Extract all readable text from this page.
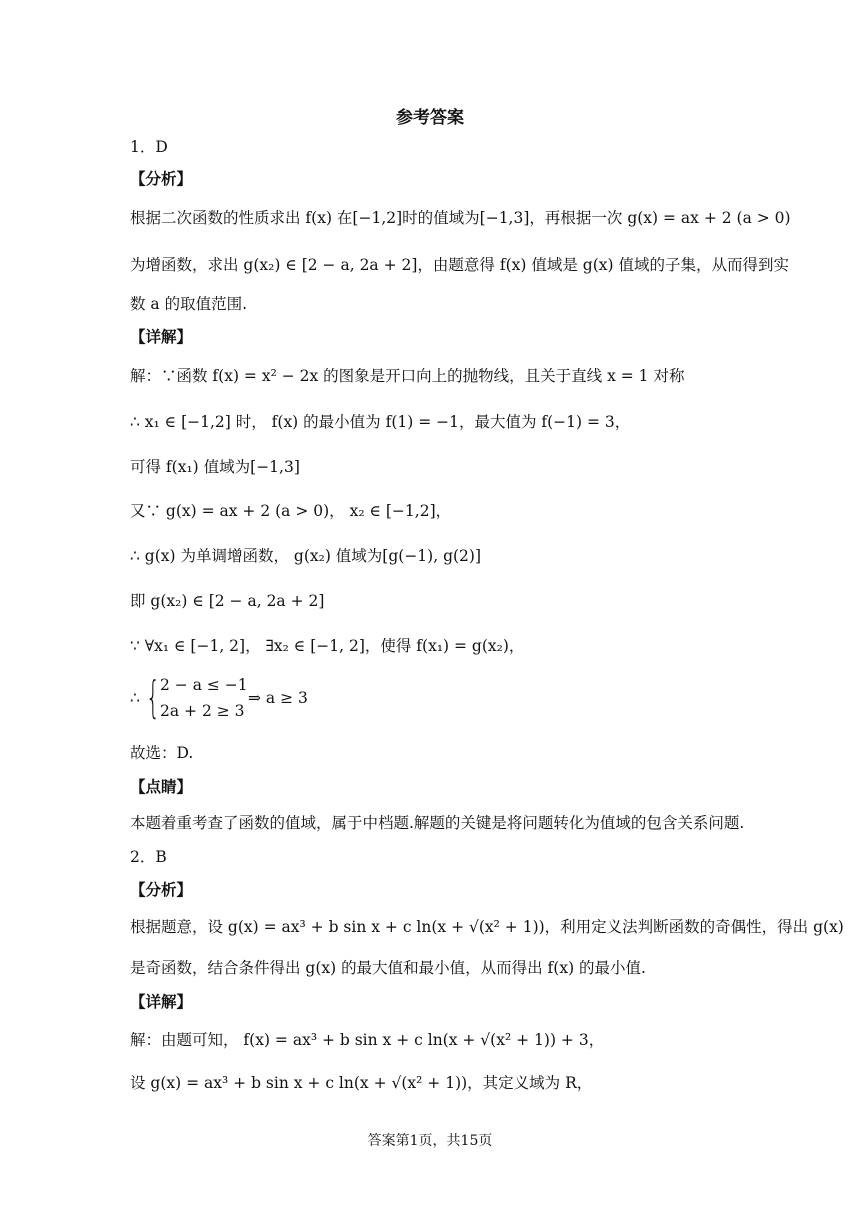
参考答案
1．D
【分析】
根据二次函数的性质求出 f(x) 在[−1,2]时的值域为[−1,3]，再根据一次 g(x) = ax + 2 (a > 0)
为增函数，求出 g(x₂) ∈ [2 − a, 2a + 2]，由题意得 f(x) 值域是 g(x) 值域的子集，从而得到实
数 a 的取值范围.
【详解】
解：∵函数 f(x) = x² − 2x 的图象是开口向上的抛物线，且关于直线 x = 1 对称
∴ x₁ ∈ [−1,2] 时， f(x) 的最小值为 f(1) = −1，最大值为 f(−1) = 3，
可得 f(x₁) 值域为[−1,3]
又∵ g(x) = ax + 2 (a > 0)， x₂ ∈ [−1,2]，
∴ g(x) 为单调增函数， g(x₂) 值域为[g(−1), g(2)]
即 g(x₂) ∈ [2 − a, 2a + 2]
∵ ∀x₁ ∈ [−1, 2]， ∃x₂ ∈ [−1, 2]，使得 f(x₁) = g(x₂)，
故选：D.
【点睛】
本题着重考查了函数的值域，属于中档题.解题的关键是将问题转化为值域的包含关系问题.
2．B
【分析】
根据题意，设 g(x) = ax³ + b sin x + c ln(x + √(x² + 1))，利用定义法判断函数的奇偶性，得出 g(x)
是奇函数，结合条件得出 g(x) 的最大值和最小值，从而得出 f(x) 的最小值.
【详解】
解：由题可知， f(x) = ax³ + b sin x + c ln(x + √(x² + 1)) + 3，
设 g(x) = ax³ + b sin x + c ln(x + √(x² + 1))，其定义域为 R，
∴ { 2 − a ≤ −1
2a + 2 ≥ 3
⇒ a ≥ 3
答案第1页，共15页
